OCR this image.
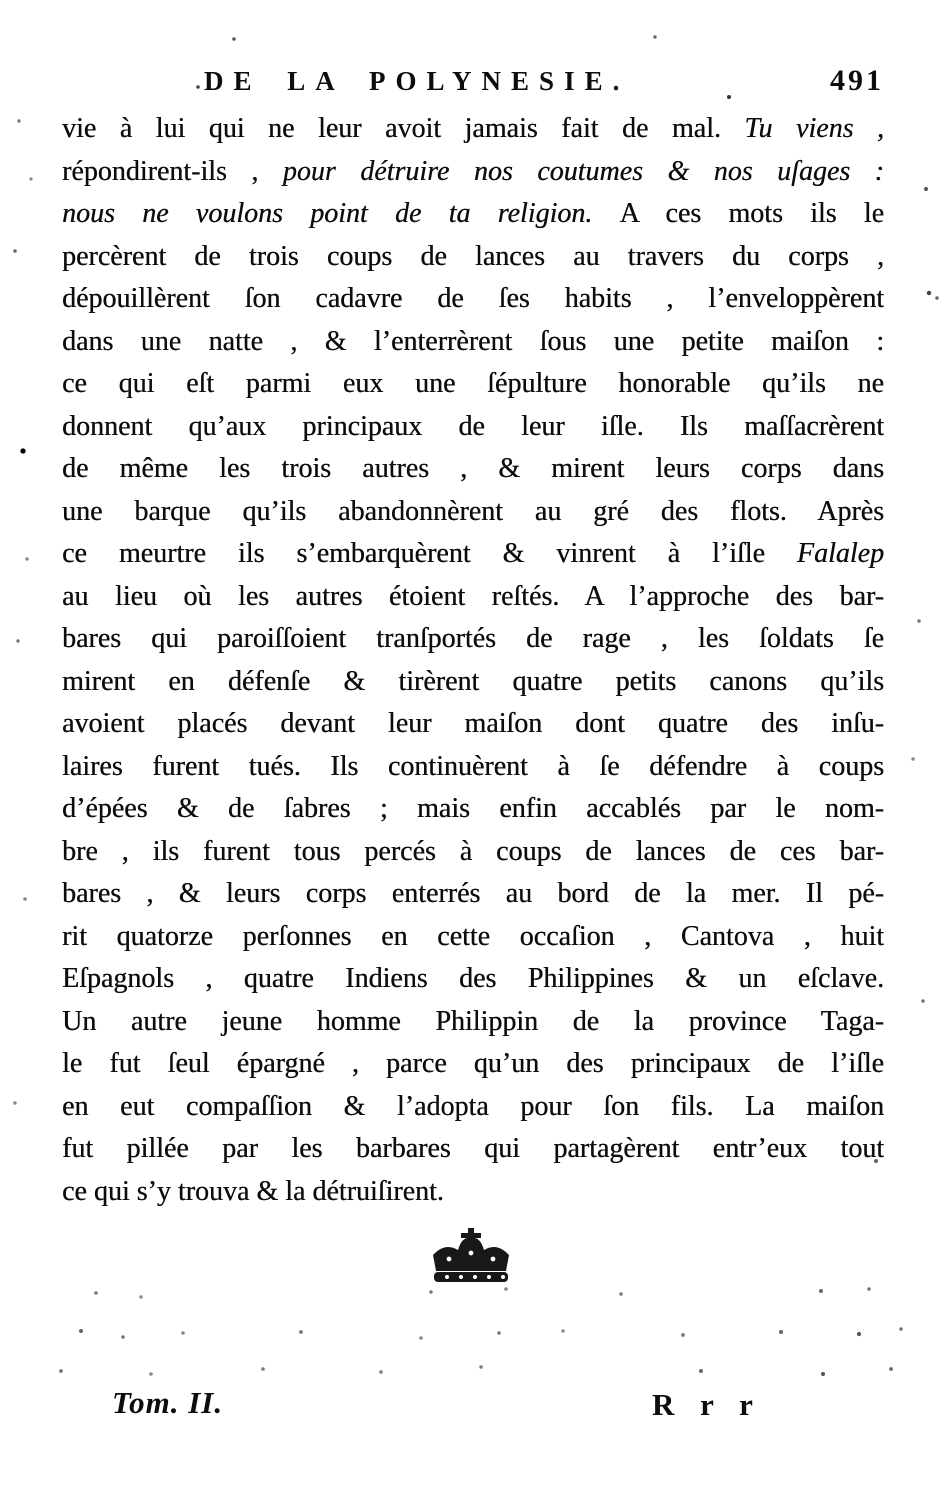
DE LA POLYNESIE.	491
vie à lui qui ne leur avoit jamais fait de mal. Tu viens ,
répondirent-ils , pour détruire nos coutumes & nos uſages :
nous ne voulons point de ta religion. A ces mots ils le
percèrent de trois coups de lances au travers du corps ,
dépouillèrent ſon cadavre de ſes habits , l’enveloppèrent
dans une natte , & l’enterrèrent ſous une petite maiſon :
ce qui eſt parmi eux une ſépulture honorable qu’ils ne
donnent qu’aux principaux de leur iſle. Ils maſſacrèrent
de même les trois autres , & mirent leurs corps dans
une barque qu’ils abandonnèrent au gré des flots. Après
ce meurtre ils s’embarquèrent & vinrent à l’iſle Falalep
au lieu où les autres étoient reſtés. A l’approche des bar-
bares qui paroiſſoient tranſportés de rage , les ſoldats ſe
mirent en défenſe & tirèrent quatre petits canons qu’ils
avoient placés devant leur maiſon dont quatre des inſu-
laires furent tués. Ils continuèrent à ſe défendre à coups
d’épées & de ſabres ; mais enfin accablés par le nom-
bre , ils furent tous percés à coups de lances de ces bar-
bares , & leurs corps enterrés au bord de la mer. Il pé-
rit quatorze perſonnes en cette occaſion , Cantova , huit
Eſpagnols , quatre Indiens des Philippines & un eſclave.
Un autre jeune homme Philippin de la province Taga-
le fut ſeul épargné , parce qu’un des principaux de l’iſle
en eut compaſſion & l’adopta pour ſon fils. La maiſon
fut pillée par les barbares qui partagèrent entr’eux tout
ce qui s’y trouva & la détruiſirent.
Tom. II.	R r r
